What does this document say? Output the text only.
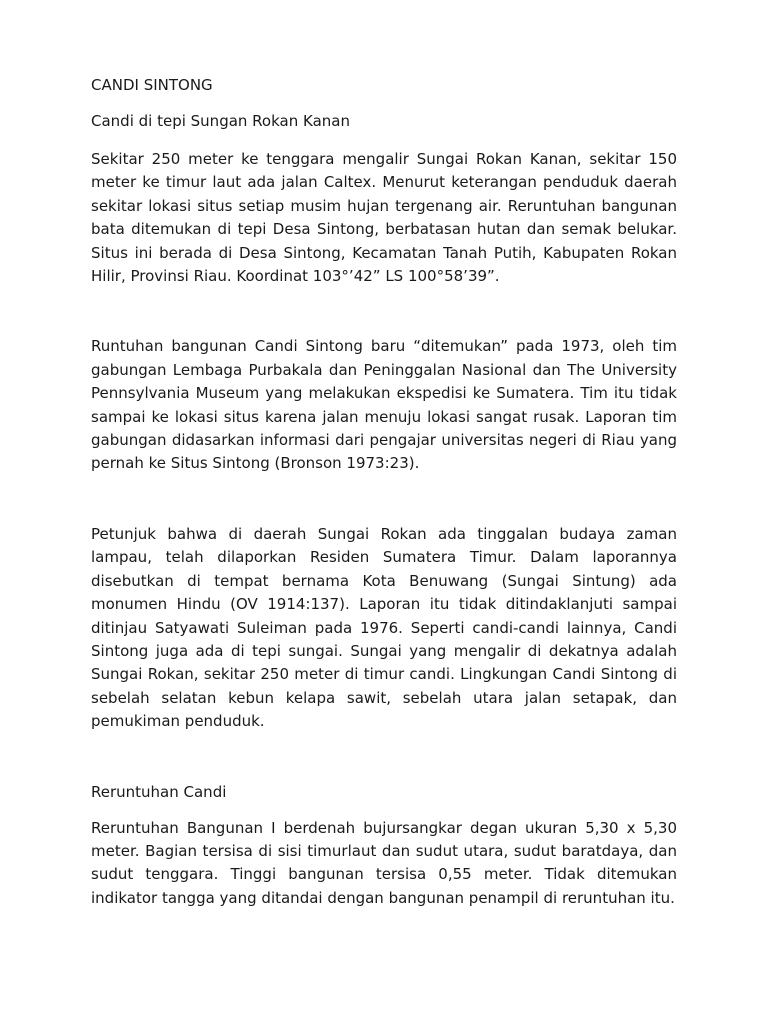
CANDI SINTONG

Candi di tepi Sungan Rokan Kanan

Sekitar 250 meter ke tenggara mengalir Sungai Rokan Kanan, sekitar 150 meter ke timur laut ada jalan Caltex. Menurut keterangan penduduk daerah sekitar lokasi situs setiap musim hujan tergenang air. Reruntuhan bangunan bata ditemukan di tepi Desa Sintong, berbatasan hutan dan semak belukar. Situs ini berada di Desa Sintong, Kecamatan Tanah Putih, Kabupaten Rokan Hilir, Provinsi Riau. Koordinat 103°’42” LS 100°58’39”.

Runtuhan bangunan Candi Sintong baru “ditemukan” pada 1973, oleh tim gabungan Lembaga Purbakala dan Peninggalan Nasional dan The University Pennsylvania Museum yang melakukan ekspedisi ke Sumatera. Tim itu tidak sampai ke lokasi situs karena jalan menuju lokasi sangat rusak. Laporan tim gabungan didasarkan informasi dari pengajar universitas negeri di Riau yang pernah ke Situs Sintong (Bronson 1973:23).

Petunjuk bahwa di daerah Sungai Rokan ada tinggalan budaya zaman lampau, telah dilaporkan Residen Sumatera Timur. Dalam laporannya disebutkan di tempat bernama Kota Benuwang (Sungai Sintung) ada monumen Hindu (OV 1914:137). Laporan itu tidak ditindaklanjuti sampai ditinjau Satyawati Suleiman pada 1976. Seperti candi-candi lainnya, Candi Sintong juga ada di tepi sungai. Sungai yang mengalir di dekatnya adalah Sungai Rokan, sekitar 250 meter di timur candi. Lingkungan Candi Sintong di sebelah selatan kebun kelapa sawit, sebelah utara jalan setapak, dan pemukiman penduduk.

Reruntuhan Candi

Reruntuhan Bangunan I berdenah bujursangkar degan ukuran 5,30 x 5,30 meter. Bagian tersisa di sisi timurlaut dan sudut utara, sudut baratdaya, dan sudut tenggara. Tinggi bangunan tersisa 0,55 meter. Tidak ditemukan indikator tangga yang ditandai dengan bangunan penampil di reruntuhan itu.
